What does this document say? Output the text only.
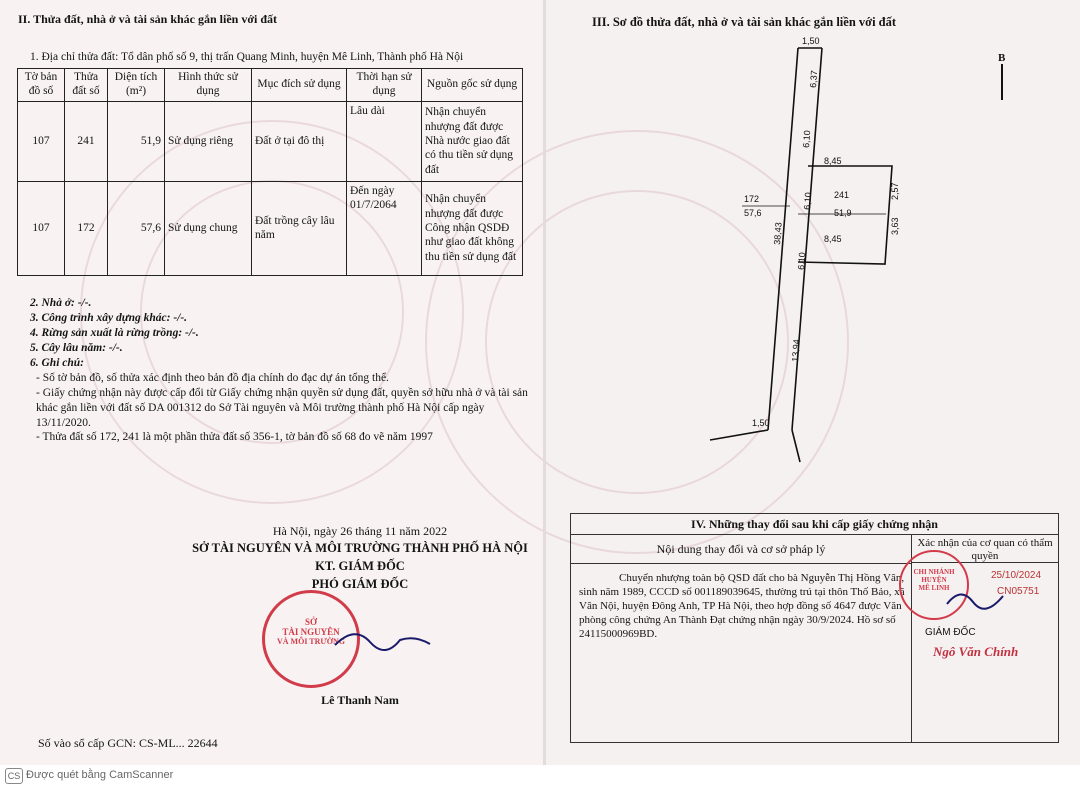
II. Thửa đất, nhà ở và tài sản khác gắn liền với đất
1. Địa chỉ thửa đất: Tổ dân phố số 9, thị trấn Quang Minh, huyện Mê Linh, Thành phố Hà Nội
Tờ bản đồ số	Thửa đất số	Diện tích (m²)	Hình thức sử dụng	Mục đích sử dụng	Thời hạn sử dụng	Nguồn gốc sử dụng
107	241	51,9	Sử dụng riêng	Đất ở tại đô thị	Lâu dài	Nhận chuyển nhượng đất được Nhà nước giao đất có thu tiền sử dụng đất
107	172	57,6	Sử dụng chung	Đất trồng cây lâu năm	Đến ngày 01/7/2064	Nhận chuyển nhượng đất được Công nhận QSDĐ như giao đất không thu tiền sử dụng đất
2. Nhà ở: -/-.
3. Công trình xây dựng khác: -/-.
4. Rừng sản xuất là rừng trồng: -/-.
5. Cây lâu năm: -/-.
6. Ghi chú:
- Số tờ bản đồ, số thửa xác định theo bản đồ địa chính do đạc dự án tổng thể.
- Giấy chứng nhận này được cấp đổi từ Giấy chứng nhận quyền sử dụng đất, quyền sở hữu nhà ở và tài sản khác gắn liền với đất số DA 001312 do Sở Tài nguyên và Môi trường thành phố Hà Nội cấp ngày 13/11/2020.
- Thửa đất số 172, 241 là một phần thửa đất số 356-1, tờ bản đồ số 68 đo vẽ năm 1997
Hà Nội, ngày 26 tháng 11 năm 2022
SỞ TÀI NGUYÊN VÀ MÔI TRƯỜNG THÀNH PHỐ HÀ NỘI
KT. GIÁM ĐỐC
PHÓ GIÁM ĐỐC
SỞ
TÀI NGUYÊN
VÀ MÔI TRƯỜNG
Lê Thanh Nam
Số vào sổ cấp GCN: CS-ML... 22644
III. Sơ đồ thửa đất, nhà ở và tài sản khác gắn liền với đất
B
1,50
6,37
6,10
8,45
2,57
172
57,6
6,10 241
51,9
3,63
38,43	8,45
6,10
13,94
1,50
IV. Những thay đổi sau khi cấp giấy chứng nhận
Nội dung thay đổi và cơ sở pháp lý	Xác nhận của cơ quan có thẩm quyền
Chuyển nhượng toàn bộ QSD đất cho bà Nguyễn Thị Hồng Vân, sinh năm 1989, CCCD số 001189039645, thường trú tại thôn Thố Bảo, xã Vân Nội, huyện Đông Anh, TP Hà Nội, theo hợp đồng số 4647 được Văn phòng công chứng An Thành Đạt chứng nhận ngày 30/9/2024. Hồ sơ số 24115000969BD.
CHI NHÁNH
HUYỆN
MÊ LINH
25/10/2024
CN05751
GIÁM ĐỐC
Ngô Văn Chính
CS Được quét bằng CamScanner
